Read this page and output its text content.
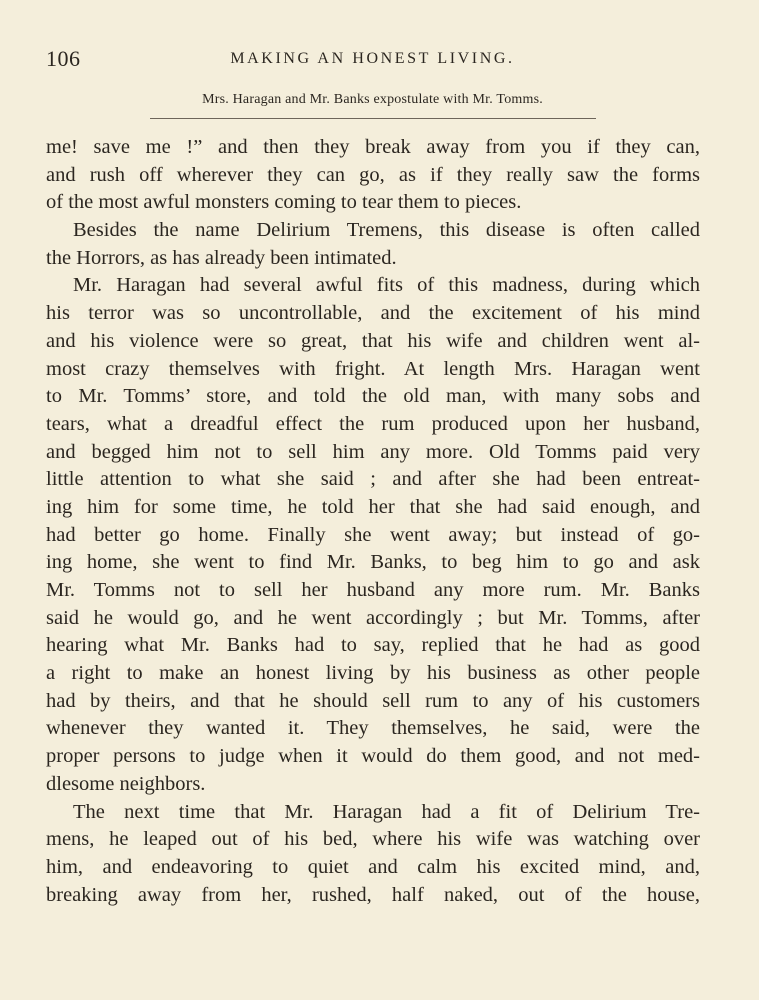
106	MAKING AN HONEST LIVING.
Mrs. Haragan and Mr. Banks expostulate with Mr. Tomms.
me! save me !” and then they break away from you if they can,
and rush off wherever they can go, as if they really saw the forms
of the most awful monsters coming to tear them to pieces.
Besides the name Delirium Tremens, this disease is often called
the Horrors, as has already been intimated.
Mr. Haragan had several awful fits of this madness, during which
his terror was so uncontrollable, and the excitement of his mind
and his violence were so great, that his wife and children went al-
most crazy themselves with fright. At length Mrs. Haragan went
to Mr. Tomms’ store, and told the old man, with many sobs and
tears, what a dreadful effect the rum produced upon her husband,
and begged him not to sell him any more. Old Tomms paid very
little attention to what she said ; and after she had been entreat-
ing him for some time, he told her that she had said enough, and
had better go home. Finally she went away; but instead of go-
ing home, she went to find Mr. Banks, to beg him to go and ask
Mr. Tomms not to sell her husband any more rum. Mr. Banks
said he would go, and he went accordingly ; but Mr. Tomms, after
hearing what Mr. Banks had to say, replied that he had as good
a right to make an honest living by his business as other people
had by theirs, and that he should sell rum to any of his customers
whenever they wanted it. They themselves, he said, were the
proper persons to judge when it would do them good, and not med-
dlesome neighbors.
The next time that Mr. Haragan had a fit of Delirium Tre-
mens, he leaped out of his bed, where his wife was watching over
him, and endeavoring to quiet and calm his excited mind, and,
breaking away from her, rushed, half naked, out of the house,
